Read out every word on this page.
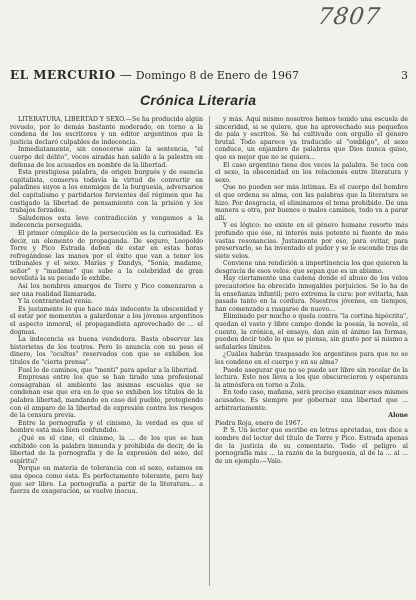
7807
EL MERCURIO — Domingo 8 de Enero de 1967	3
Crónica Literaria

LITERATURA, LIBERTAD Y SEXO.—Se ha producido algún revuelo, por lo demás bastante moderado, en torno a la condena de los escritores y un editor argentinos que la justicia declaró culpables de indecencia.

Inmediatamente, sin conocerse aún la sentencia, "el cuerpo del delito", voces airadas han salido a la palestra en defensa de los acusados en nombre de la libertad.

Esta prestigiosa palabra, de origen burgués y de esencia capitalista, conserva todavía la virtud de convertir en paladines suyos a los enemigos de la burguesía, adversarios del capitalismo y partidarios fervientes del régimen que ha castigado la libertad de pensamiento con la prisión y los trabajos forzados.

Saludemos esta leve contradicción y vengamos a la indecencia perseguida.

El primer cómplice de la persecución es la curiosidad. Es decir, un elemento de propaganda. De seguro, Leopoldo Torre y Pico Estrada deben de estar en estas horas refregándose las manos por el éxito que van a tener los tribunales y el sexo. Marías y Dandys, "Sonia, madame, señor" y "madame" que sube a la celebridad de gran novelista la su pecado le exhibe.

Así los nombres amargos de Torre y Pico comenzaron a ser una realidad llamarada.

Y la contrariedad venía.

Es justamente lo que hace más indecente la obscenidad y el estar por momentos a galardonar a los jóvenes argentinos el aspecto inmoral, el propagandista aprovechado de ... el dogmas.

La indecencia es buena vendedora. Basta observar las historietas de los teatros. Pero lo anuncia con su peso el dinero, los "ocultos" reservados con que se exhiben los títulos de "cierta prensa".

Fuel lo de caminos, que "menti" para apelar a la libertad.

Empresas entre los que se han tirado una profesional consagraban el ambiente las mismas escuelas que se condenan ese que era en lo que se exhiben los títulos de la palabra libertad, mandando en caso del pueblo, protegiendo con el amparo de la libertad de expresión contra los riesgos de la censura previa.

Entre la pornografía y el cinismo, la verdad es que el hombre está más bien confundido.

¿Qué es el cine, el cinismo, la ... de los que se han exhibido con la palabra inmunda y prohibida de decir, de la libertad de la pornografía y de la expresión del sexo, del espíritu?

Porque en materia de tolerancia con el sexo, estamos en una época como ésta. Es perfectamente tolerante, pero hay que ser libre. La pornografía a partir de la literatura... a fuerza de exageración, se vuelve inocua.

y más. Aquí mismo nosotros hemos tenido una escuela de sinceridad, si se quiere, que ha aprovechado sus pequeños de pala y escritos. Se ha cultivado con orgullo el género brutal. Todo aparece ya traducido al "ombligo", el sexo conduce, un enjambre de palabras que Dios nunca quiso, que es mejor que no se quiera...

El caso argentino tiene dos veces la palabra. Se toca con el sexo, la obscenidad en los relaciones entre literatura y sexo.

Que no pueden ser más íntimas. Es el cuerpo del hombre el que ordena su alma, con las palabras que la literatura se hizo. Por desgracia, el eliminamos el tema prohibido. De una manera u otra, por buenos o malos caminos, todo va a parar allí.

Y es lógico: no existe en el género humano resorte más profundo que ése, ni interés más potente ni fuente de más vastas resonancias. Justamente por eso, para evitar, para preservarlo, se ha inventado el pudor y se le esconde tras de siete velos.

Conviene una rendición a impertinencia los que quieren la desgracia de esos velos: que sepan que es un abismo.

Hay ciertamente una cadena donde el abuso de los velos precautorios ha obrecido innegables perjuicios. Se lo ha de la enseñanza infantil; pero extrema la cura: por evitarla, han pasado tanto en la cordura. Nuestros jóvenes, en tiempos, han comenzado a rasgarse de nuevo...

Eliminado por mucho o quela contra "la cortina hipócrita", quedan el vasto y libre campo donde la poesía, la novela, el cuento, la crónica, el ensayo, dan aún el ánimo las formas, pueden decir todo lo que se piensa, sin gusto por sí mismo a señalarles límites.

¿Cuáles habrán traspasado los argentinos para que no se les condene en el cuerpo y en su alma?

Puede asegurar que no se puede ser libre sin recelar de la lectura. Esto nos lleva a los que obscurecieron y esperanza la atmósfera en torno a Zola.

En todo caso, mañana, será preciso examinar esos mismos acusados. Es siempre por gobernar una libertad que ... arbitrariamente.

Alone

Piedra Roja, enero de 1967.

P. S. Un lector que escribe en letras apretadas, nos dice a nombre del lector del título de Torre y Pico. Estrada apenas de la justicia de su comentario. Todo el peligro al pornografía más ... la razón de la burguesía, al de la ... al ... de un ejemplo.—Valo.
